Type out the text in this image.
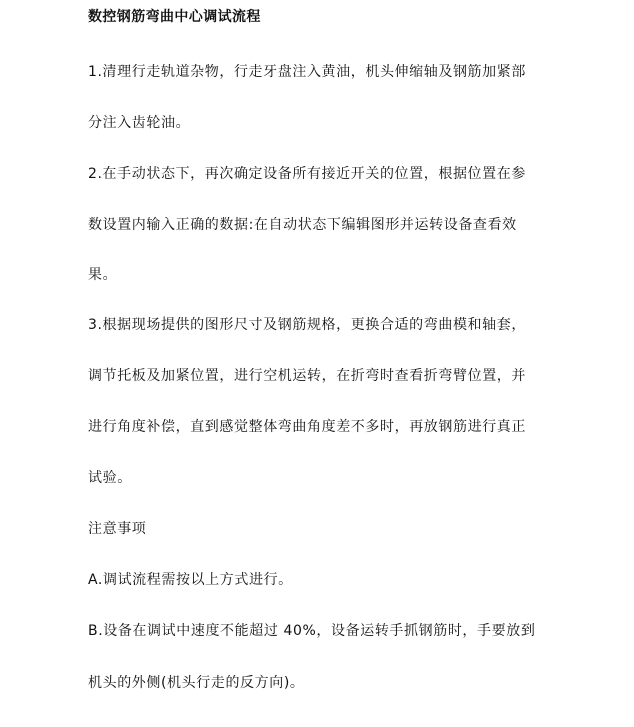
数控钢筋弯曲中心调试流程
1.清理行走轨道杂物，行走牙盘注入黄油，机头伸缩轴及钢筋加紧部
分注入齿轮油。
2.在手动状态下，再次确定设备所有接近开关的位置，根据位置在参
数设置内输入正确的数据:在自动状态下编辑图形并运转设备查看效
果。
3.根据现场提供的图形尺寸及钢筋规格，更换合适的弯曲模和轴套，
调节托板及加紧位置，进行空机运转，在折弯时查看折弯臂位置，并
进行角度补偿，直到感觉整体弯曲角度差不多时，再放钢筋进行真正
试验。
注意事项
A.调试流程需按以上方式进行。
B.设备在调试中速度不能超过 40%，设备运转手抓钢筋时，手要放到
机头的外侧(机头行走的反方向)。
